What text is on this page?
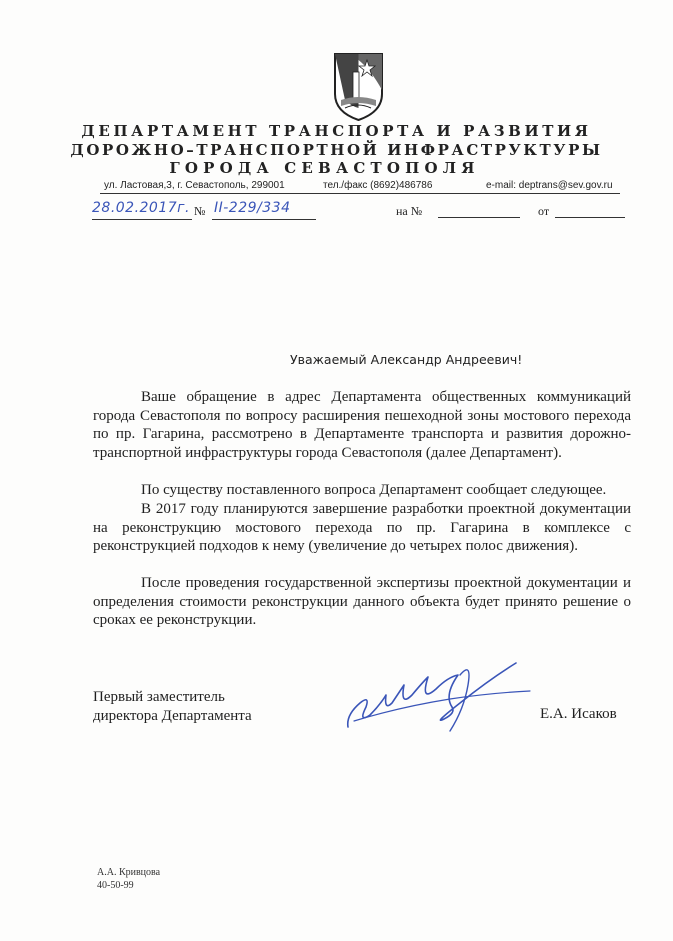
ДЕПАРТАМЕНТ ТРАНСПОРТА И РАЗВИТИЯ
ДОРОЖНО–ТРАНСПОРТНОЙ ИНФРАСТРУКТУРЫ
ГОРОДА СЕВАСТОПОЛЯ
ул. Ластовая,3, г. Севастополь, 299001	тел./факс (8692)486786	e-mail: deptrans@sev.gov.ru
28.02.2017г. № II-229/334	на №	от
Уважаемый Александр Андреевич!
Ваше обращение в адрес Департамента общественных коммуникаций города Севастополя по вопросу расширения пешеходной зоны мостового перехода по пр. Гагарина, рассмотрено в Департаменте транспорта и развития дорожно-транспортной инфраструктуры города Севастополя (далее Департамент).
По существу поставленного вопроса Департамент сообщает следующее.
В 2017 году планируются завершение разработки проектной документации на реконструкцию мостового перехода по пр. Гагарина в комплексе с реконструкцией подходов к нему (увеличение до четырех полос движения).
После проведения государственной экспертизы проектной документации и определения стоимости реконструкции данного объекта будет принято решение о сроках ее реконструкции.
Первый заместитель
директора Департамента	Е.А. Исаков
А.А. Кривцова
40-50-99
